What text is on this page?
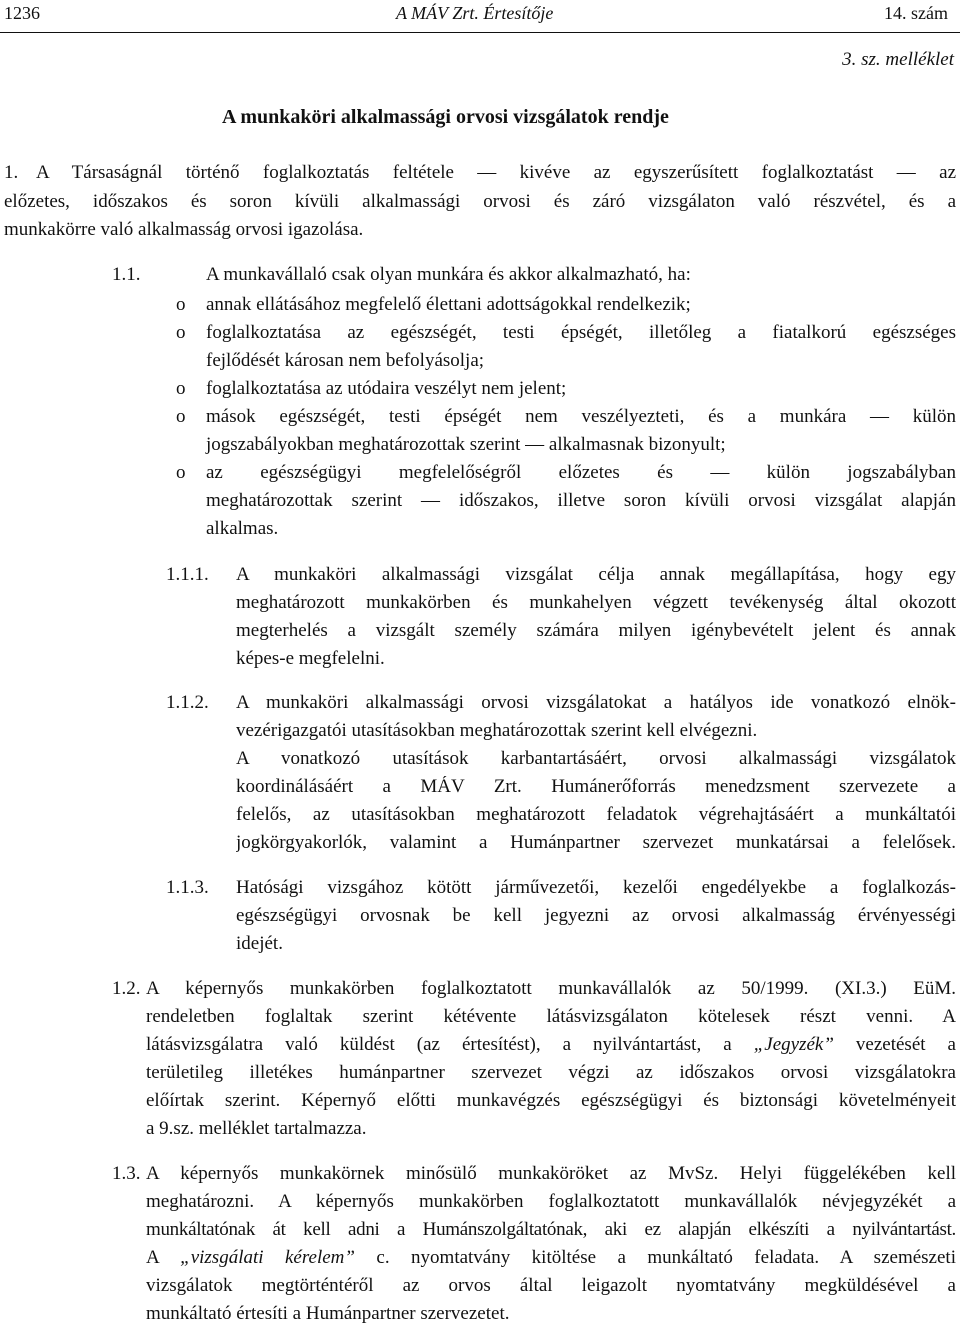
1236	A MÁV Zrt. Értesítője	14. szám
3. sz. melléklet
A munkaköri alkalmassági orvosi vizsgálatok rendje
1. A Társaságnál történő foglalkoztatás feltétele — kivéve az egyszerűsített foglalkoztatást — az
előzetes, időszakos és soron kívüli alkalmassági orvosi és záró vizsgálaton való részvétel, és a
munkakörre való alkalmasság orvosi igazolása.
1.1.	A munkavállaló csak olyan munkára és akkor alkalmazható, ha:
o annak ellátásához megfelelő élettani adottságokkal rendelkezik;
o foglalkoztatása az egészségét, testi épségét, illetőleg a fiatalkorú egészséges
fejlődését károsan nem befolyásolja;
o foglalkoztatása az utódaira veszélyt nem jelent;
o mások egészségét, testi épségét nem veszélyezteti, és a munkára — külön
jogszabályokban meghatározottak szerint — alkalmasnak bizonyult;
o az egészségügyi megfelelőségről előzetes és — külön jogszabályban
meghatározottak szerint — időszakos, illetve soron kívüli orvosi vizsgálat alapján
alkalmas.
1.1.1. A munkaköri alkalmassági vizsgálat célja annak megállapítása, hogy egy
meghatározott munkakörben és munkahelyen végzett tevékenység által okozott
megterhelés a vizsgált személy számára milyen igénybevételt jelent és annak
képes-e megfelelni.
1.1.2. A munkaköri alkalmassági orvosi vizsgálatokat a hatályos ide vonatkozó elnök-
vezérigazgatói utasításokban meghatározottak szerint kell elvégezni.
A vonatkozó utasítások karbantartásáért, orvosi alkalmassági vizsgálatok
koordinálásáért a MÁV Zrt. Humánerőforrás menedzsment szervezete a
felelős, az utasításokban meghatározott feladatok végrehajtásáért a munkáltatói
jogkörgyakorlók, valamint a Humánpartner szervezet munkatársai a felelősek.
1.1.3. Hatósági vizsgához kötött járművezetői, kezelői engedélyekbe a foglalkozás-
egészségügyi orvosnak be kell jegyezni az orvosi alkalmasság érvényességi
idejét.
1.2. A képernyős munkakörben foglalkoztatott munkavállalók az 50/1999. (XI.3.) EüM.
rendeletben foglaltak szerint kétévente látásvizsgálaton kötelesek részt venni. A
látásvizsgálatra való küldést (az értesítést), a nyilvántartást, a „Jegyzék” vezetését a
területileg illetékes humánpartner szervezet végzi az időszakos orvosi vizsgálatokra
előírtak szerint. Képernyő előtti munkavégzés egészségügyi és biztonsági követelményeit
a 9.sz. melléklet tartalmazza.
1.3. A képernyős munkakörnek minősülő munkaköröket az MvSz. Helyi függelékében kell
meghatározni. A képernyős munkakörben foglalkoztatott munkavállalók névjegyzékét a
munkáltatónak át kell adni a Humánszolgáltatónak, aki ez alapján elkészíti a nyilvántartást.
A „vizsgálati kérelem” c. nyomtatvány kitöltése a munkáltató feladata. A szemészeti
vizsgálatok megtörténtéről az orvos által leigazolt nyomtatvány megküldésével a
munkáltató értesíti a Humánpartner szervezetet.
